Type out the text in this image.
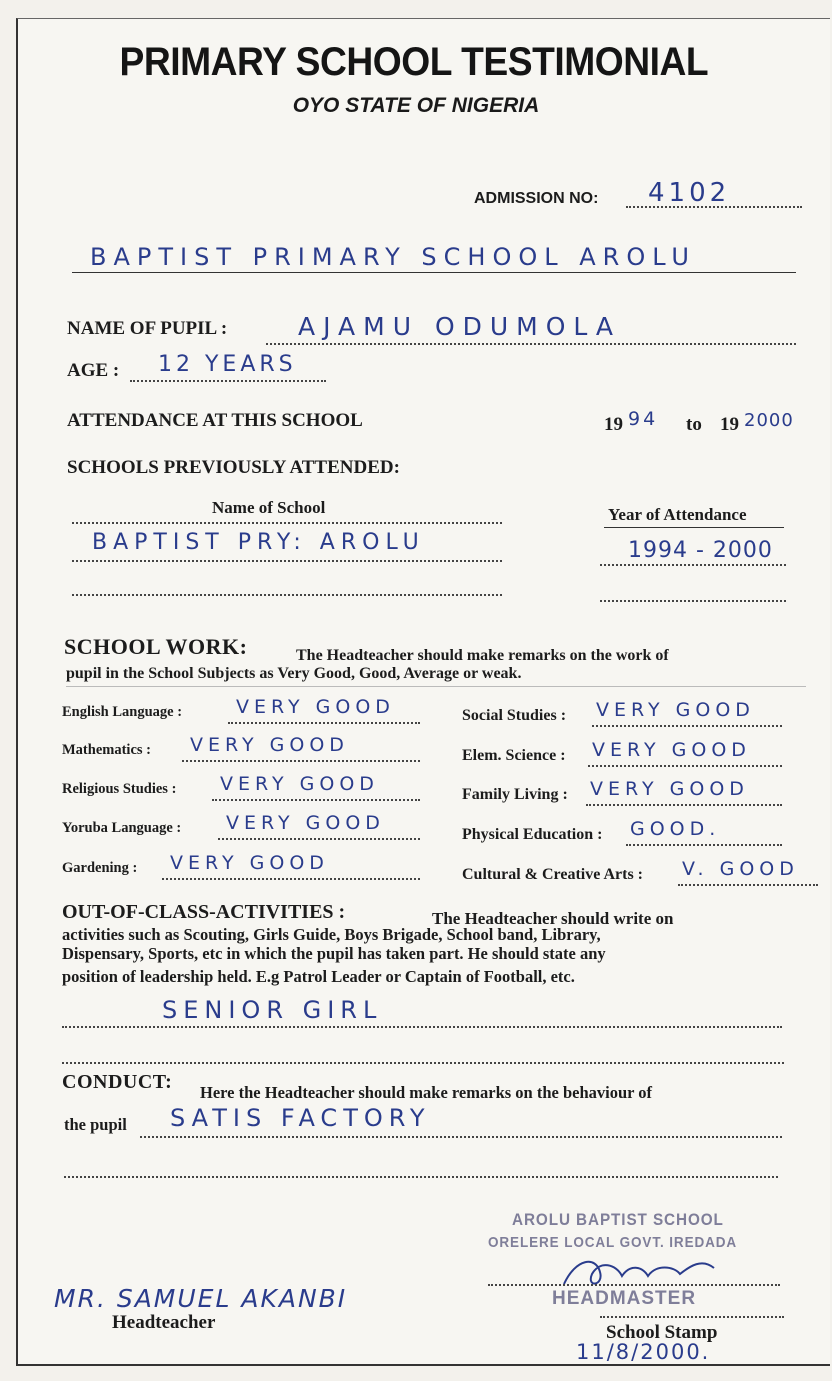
PRIMARY SCHOOL TESTIMONIAL
OYO STATE OF NIGERIA
ADMISSION NO: 4102
BAPTIST PRIMARY SCHOOL AROLU
NAME OF PUPIL :	AJAMU ODUMOLA
AGE : 12 YEARS
ATTENDANCE AT THIS SCHOOL	19 94 to 19 2000
SCHOOLS PREVIOUSLY ATTENDED:
Name of School	Year of Attendance
BAPTIST PRY: AROLU	1994 - 2000
SCHOOL WORK:	The Headteacher should make remarks on the work of
pupil in the School Subjects as Very Good, Good, Average or weak.
OUT-OF-CLASS-ACTIVITIES :	The Headteacher should write on
activities such as Scouting, Girls Guide, Boys Brigade, School band, Library,
Dispensary, Sports, etc in which the pupil has taken part. He should state any
position of leadership held. E.g Patrol Leader or Captain of Football, etc.
SENIOR GIRL
CONDUCT: Here the Headteacher should make remarks on the behaviour of
the pupil SATIS FACTORY
AROLU BAPTIST SCHOOL
ORELERE LOCAL GOVT. IREDADA
HEADMASTER
MR. SAMUEL AKANBI
Headteacher	School Stamp
11/8/2000.
English Language :	VERY GOOD
Mathematics : VERY GOOD
Religious Studies : VERY GOOD
Yoruba Language : VERY GOOD
Gardening : VERY GOOD
Social Studies : VERY GOOD
Elem. Science : VERY GOOD
Family Living : VERY GOOD
Physical Education : GOOD.
Cultural & Creative Arts : V. GOOD
